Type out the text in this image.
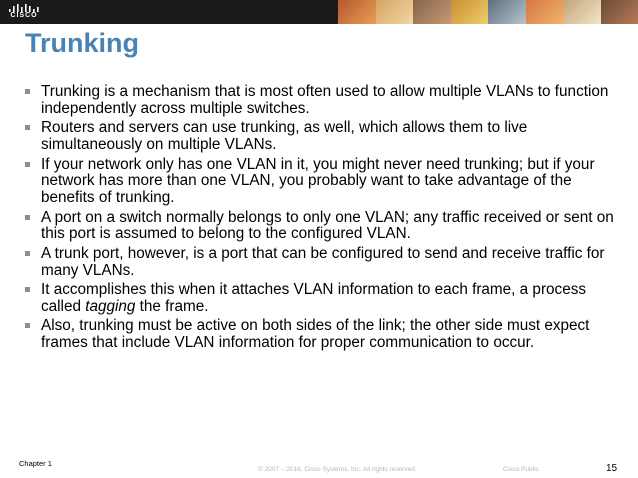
CISCO
Trunking
Trunking is a mechanism that is most often used to allow multiple VLANs to function independently across multiple switches.
Routers and servers can use trunking, as well, which allows them to live simultaneously on multiple VLANs.
If your network only has one VLAN in it, you might never need trunking; but if your network has more than one VLAN, you probably want to take advantage of the benefits of trunking.
A port on a switch normally belongs to only one VLAN; any traffic received or sent on this port is assumed to belong to the configured VLAN.
A trunk port, however, is a port that can be configured to send and receive traffic for many VLANs.
It accomplishes this when it attaches VLAN information to each frame, a process called tagging the frame.
Also, trunking must be active on both sides of the link; the other side must expect frames that include VLAN information for proper communication to occur.
Chapter 1
© 2007 – 2016, Cisco Systems, Inc. All rights reserved.	Cisco Public	15
